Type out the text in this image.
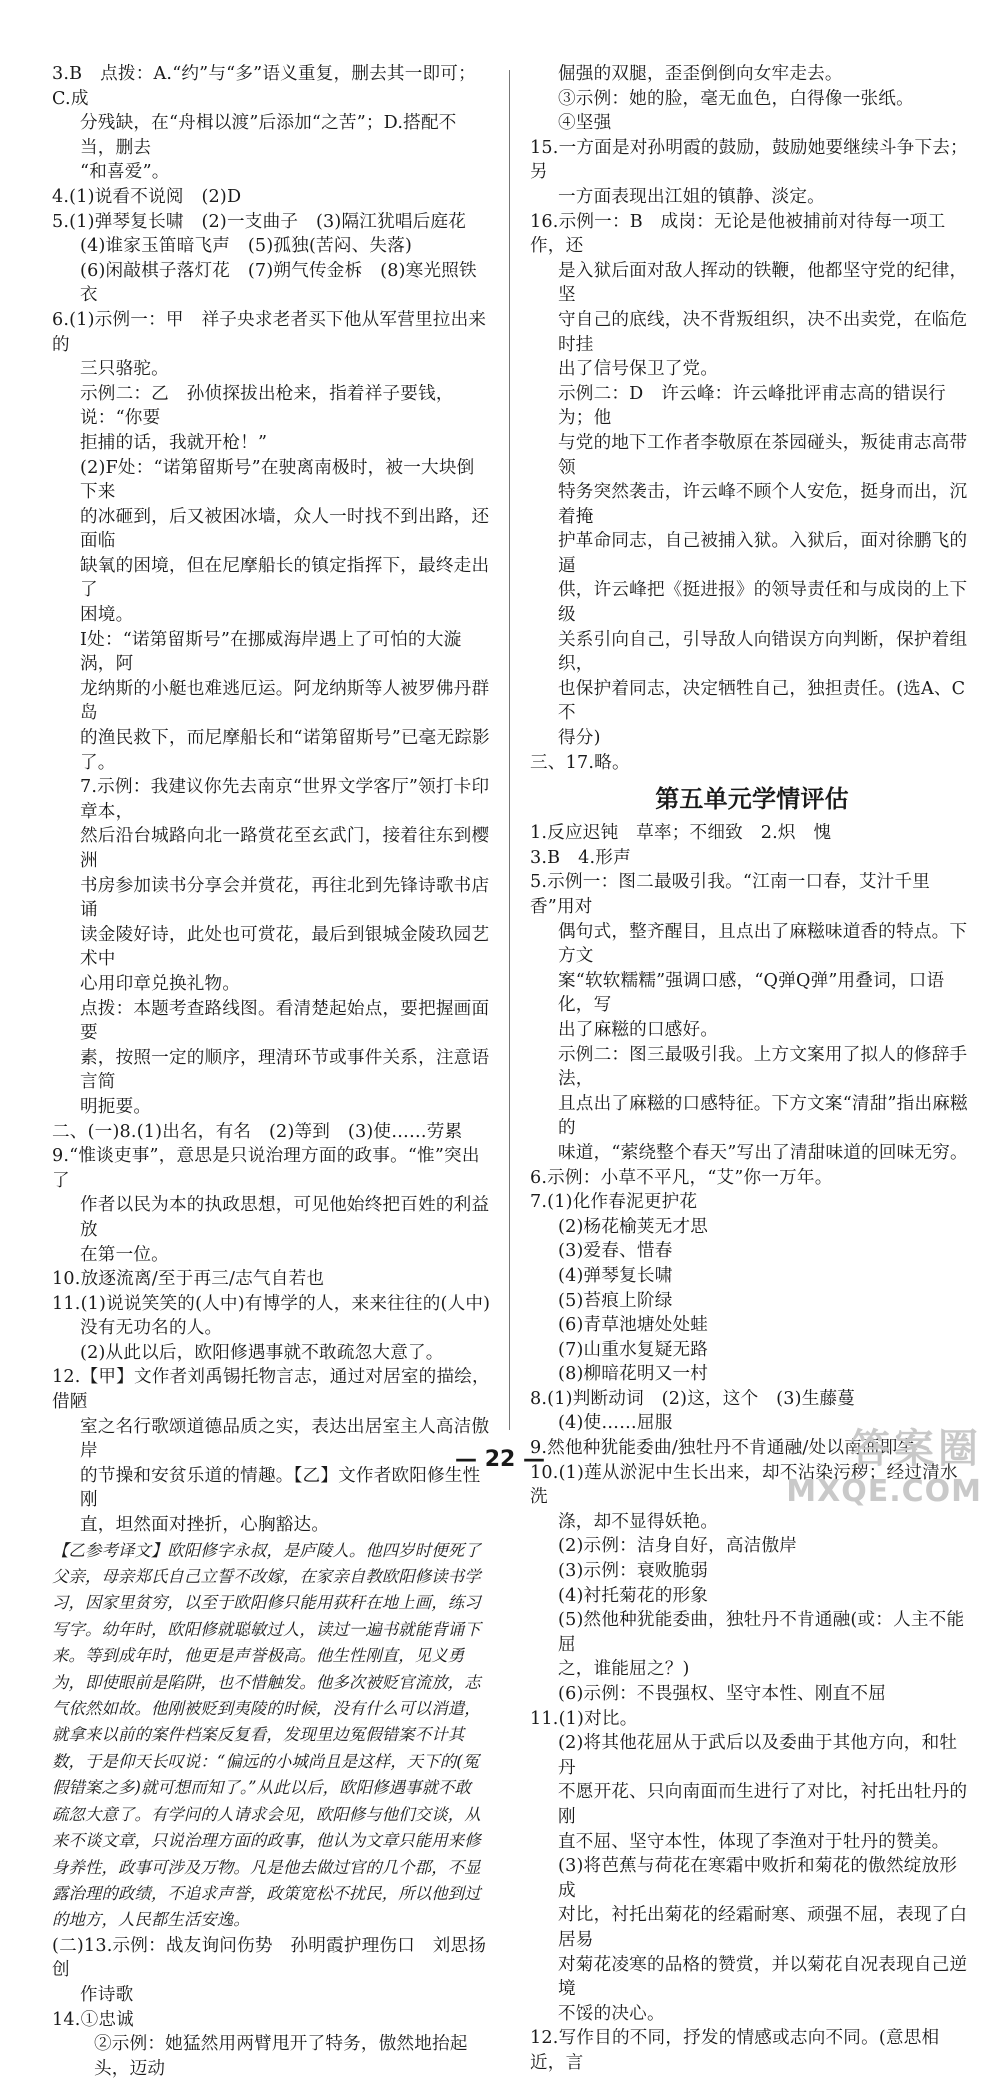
3.B　点拨：A.“约”与“多”语义重复，删去其一即可；C.成
分残缺，在“舟楫以渡”后添加“之苦”；D.搭配不当，删去
“和喜爱”。
4.(1)说看不说阅　(2)D
5.(1)弹琴复长啸　(2)一支曲子　(3)隔江犹唱后庭花
(4)谁家玉笛暗飞声　(5)孤独(苦闷、失落)
(6)闲敲棋子落灯花　(7)朔气传金柝　(8)寒光照铁衣
6.(1)示例一：甲　祥子央求老者买下他从军营里拉出来的
三只骆驼。
示例二：乙　孙侦探拔出枪来，指着祥子要钱，说：“你要
拒捕的话，我就开枪！”
(2)F处：“诺第留斯号”在驶离南极时，被一大块倒下来
的冰砸到，后又被困冰墙，众人一时找不到出路，还面临
缺氧的困境，但在尼摩船长的镇定指挥下，最终走出了
困境。
I处：“诺第留斯号”在挪威海岸遇上了可怕的大漩涡，阿
龙纳斯的小艇也难逃厄运。阿龙纳斯等人被罗佛丹群岛
的渔民救下，而尼摩船长和“诺第留斯号”已毫无踪影了。
7.示例：我建议你先去南京“世界文学客厅”领打卡印章本，
然后沿台城路向北一路赏花至玄武门，接着往东到樱洲
书房参加读书分享会并赏花，再往北到先锋诗歌书店诵
读金陵好诗，此处也可赏花，最后到银城金陵玖园艺术中
心用印章兑换礼物。
点拨：本题考查路线图。看清楚起始点，要把握画面要
素，按照一定的顺序，理清环节或事件关系，注意语言简
明扼要。
二、(一)8.(1)出名，有名　(2)等到　(3)使……劳累
9.“惟谈吏事”，意思是只说治理方面的政事。“惟”突出了
作者以民为本的执政思想，可见他始终把百姓的利益放
在第一位。
10.放逐流离/至于再三/志气自若也
11.(1)说说笑笑的(人中)有博学的人，来来往往的(人中)
没有无功名的人。
(2)从此以后，欧阳修遇事就不敢疏忽大意了。
12.【甲】文作者刘禹锡托物言志，通过对居室的描绘，借陋
室之名行歌颂道德品质之实，表达出居室主人高洁傲岸
的节操和安贫乐道的情趣。【乙】文作者欧阳修生性刚
直，坦然面对挫折，心胸豁达。
【乙参考译文】欧阳修字永叔，是庐陵人。他四岁时便死了
父亲，母亲郑氏自己立誓不改嫁，在家亲自教欧阳修读书学
习，因家里贫穷，以至于欧阳修只能用荻秆在地上画，练习
写字。幼年时，欧阳修就聪敏过人，读过一遍书就能背诵下
来。等到成年时，他更是声誉极高。他生性刚直，见义勇
为，即使眼前是陷阱，也不惜触发。他多次被贬官流放，志
气依然如故。他刚被贬到夷陵的时候，没有什么可以消遣，
就拿来以前的案件档案反复看，发现里边冤假错案不计其
数，于是仰天长叹说：“偏远的小城尚且是这样，天下的(冤
假错案之多)就可想而知了。”从此以后，欧阳修遇事就不敢
疏忽大意了。有学问的人请求会见，欧阳修与他们交谈，从
来不谈文章，只说治理方面的政事，他认为文章只能用来修
身养性，政事可涉及万物。凡是他去做过官的几个郡，不显
露治理的政绩，不追求声誉，政策宽松不扰民，所以他到过
的地方，人民都生活安逸。
(二)13.示例：战友询问伤势　孙明霞护理伤口　刘思扬创
作诗歌
14.①忠诚
②示例：她猛然用两臂甩开了特务，傲然地抬起头，迈动
倔强的双腿，歪歪倒倒向女牢走去。
③示例：她的脸，毫无血色，白得像一张纸。
④坚强
15.一方面是对孙明霞的鼓励，鼓励她要继续斗争下去；另
一方面表现出江姐的镇静、淡定。
16.示例一：B　成岗：无论是他被捕前对待每一项工作，还
是入狱后面对敌人挥动的铁鞭，他都坚守党的纪律，坚
守自己的底线，决不背叛组织，决不出卖党，在临危时挂
出了信号保卫了党。
示例二：D　许云峰：许云峰批评甫志高的错误行为；他
与党的地下工作者李敬原在茶园碰头，叛徒甫志高带领
特务突然袭击，许云峰不顾个人安危，挺身而出，沉着掩
护革命同志，自己被捕入狱。入狱后，面对徐鹏飞的逼
供，许云峰把《挺进报》的领导责任和与成岗的上下级
关系引向自己，引导敌人向错误方向判断，保护着组织，
也保护着同志，决定牺牲自己，独担责任。(选A、C不
得分)
三、17.略。
第五单元学情评估
1.反应迟钝　草率；不细致　2.炽　愧
3.B　4.形声
5.示例一：图二最吸引我。“江南一口春，艾汁千里香”用对
偶句式，整齐醒目，且点出了麻糍味道香的特点。下方文
案“软软糯糯”强调口感，“Q弹Q弹”用叠词，口语化，写
出了麻糍的口感好。
示例二：图三最吸引我。上方文案用了拟人的修辞手法，
且点出了麻糍的口感特征。下方文案“清甜”指出麻糍的
味道，“萦绕整个春天”写出了清甜味道的回味无穷。
6.示例：小草不平凡，“艾”你一万年。
7.(1)化作春泥更护花
(2)杨花榆荚无才思
(3)爱春、惜春
(4)弹琴复长啸
(5)苔痕上阶绿
(6)青草池塘处处蛙
(7)山重水复疑无路
(8)柳暗花明又一村
8.(1)判断动词　(2)这，这个　(3)生藤蔓
(4)使……屈服
9.然他种犹能委曲/独牡丹不肯通融/处以南面即生
10.(1)莲从淤泥中生长出来，却不沾染污秽；经过清水洗
涤，却不显得妖艳。
(2)示例：洁身自好，高洁傲岸
(3)示例：衰败脆弱
(4)衬托菊花的形象
(5)然他种犹能委曲，独牡丹不肯通融(或：人主不能屈
之，谁能屈之？)
(6)示例：不畏强权、坚守本性、刚直不屈
11.(1)对比。
(2)将其他花屈从于武后以及委曲于其他方向，和牡丹
不愿开花、只向南面而生进行了对比，衬托出牡丹的刚
直不屈、坚守本性，体现了李渔对于牡丹的赞美。
(3)将芭蕉与荷花在寒霜中败折和菊花的傲然绽放形成
对比，衬托出菊花的经霜耐寒、顽强不屈，表现了白居易
对菊花凌寒的品格的赞赏，并以菊花自况表现自己逆境
不馁的决心。
12.写作目的不同，抒发的情感或志向不同。(意思相近，言
— 22 —	答案圈
MXQE.COM
